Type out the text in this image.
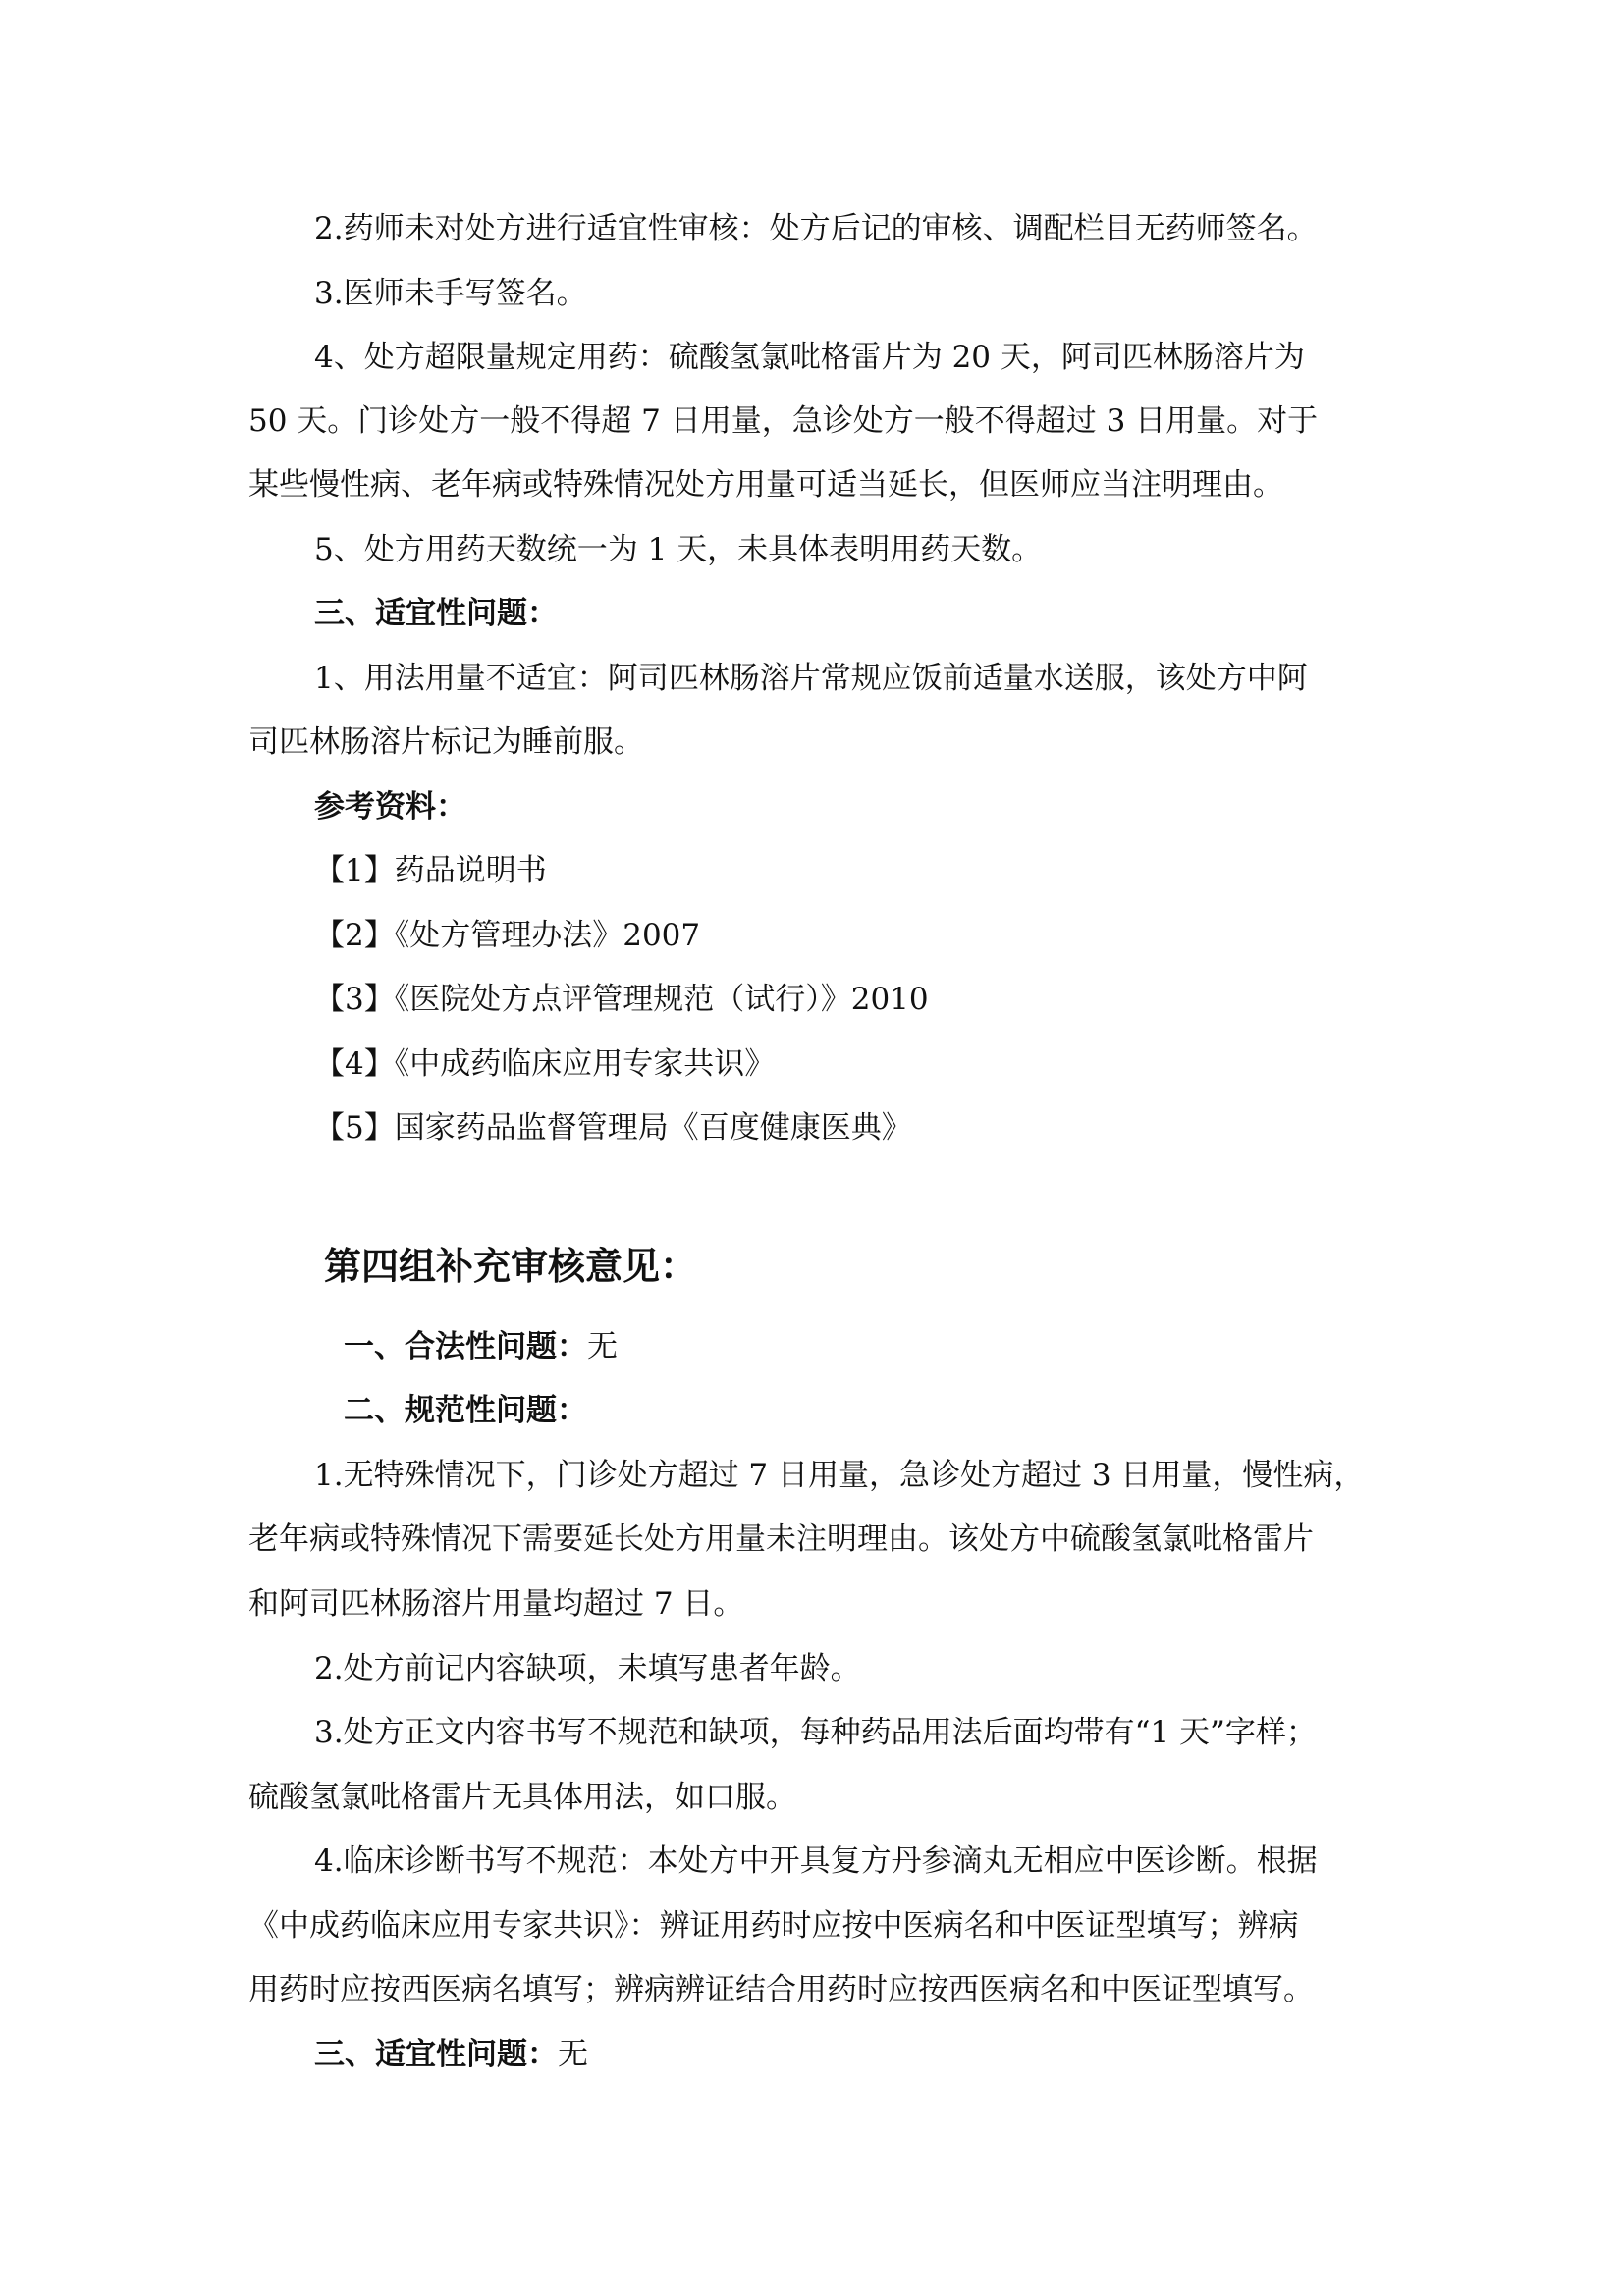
2.药师未对处方进行适宜性审核：处方后记的审核、调配栏目无药师签名。
3.医师未手写签名。
4、处方超限量规定用药：硫酸氢氯吡格雷片为 20 天，阿司匹林肠溶片为
50 天。门诊处方一般不得超 7 日用量，急诊处方一般不得超过 3 日用量。对于
某些慢性病、老年病或特殊情况处方用量可适当延长，但医师应当注明理由。
5、处方用药天数统一为 1 天，未具体表明用药天数。
三、适宜性问题：
1、用法用量不适宜：阿司匹林肠溶片常规应饭前适量水送服，该处方中阿
司匹林肠溶片标记为睡前服。
参考资料：
【1】药品说明书
【2】《处方管理办法》2007
【3】《医院处方点评管理规范（试行）》2010
【4】《中成药临床应用专家共识》
【5】国家药品监督管理局《百度健康医典》
第四组补充审核意见：
一、合法性问题：无
二、规范性问题：
1.无特殊情况下，门诊处方超过 7 日用量，急诊处方超过 3 日用量，慢性病，
老年病或特殊情况下需要延长处方用量未注明理由。该处方中硫酸氢氯吡格雷片
和阿司匹林肠溶片用量均超过 7 日。
2.处方前记内容缺项，未填写患者年龄。
3.处方正文内容书写不规范和缺项，每种药品用法后面均带有“1 天”字样；
硫酸氢氯吡格雷片无具体用法，如口服。
4.临床诊断书写不规范：本处方中开具复方丹参滴丸无相应中医诊断。根据
《中成药临床应用专家共识》：辨证用药时应按中医病名和中医证型填写；辨病
用药时应按西医病名填写；辨病辨证结合用药时应按西医病名和中医证型填写。
三、适宜性问题：无
